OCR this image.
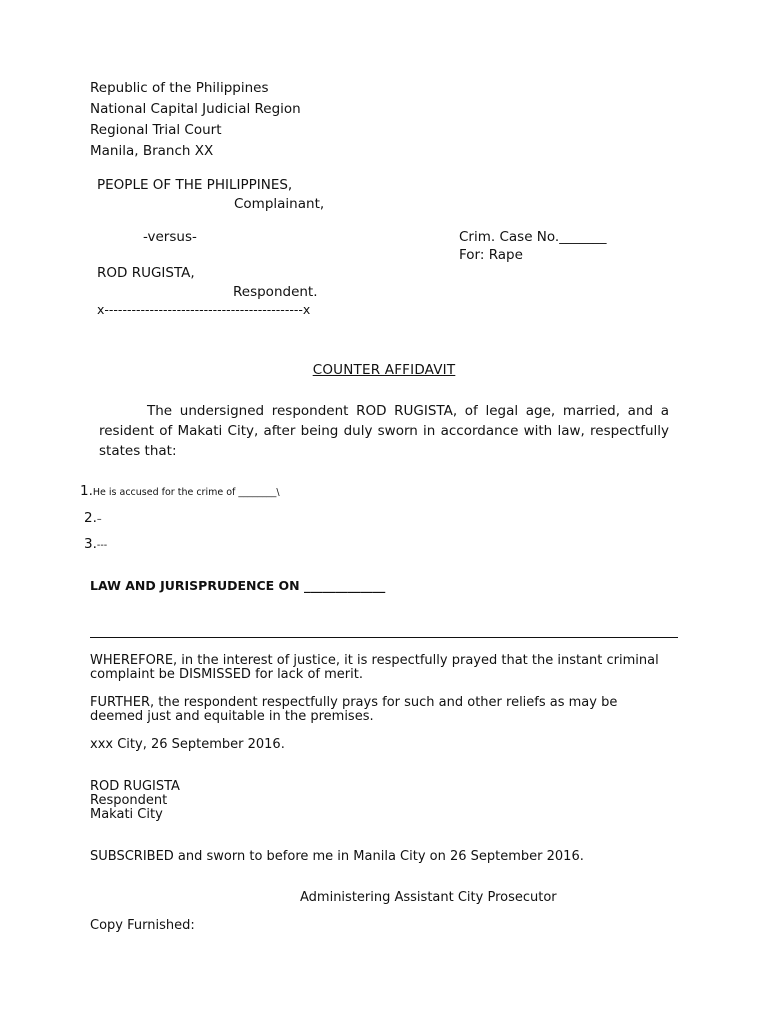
Republic of the Philippines
National Capital Judicial Region
Regional Trial Court
Manila, Branch XX
PEOPLE OF THE PHILIPPINES,
Complainant,
-versus-	Crim. Case No._______
For: Rape
ROD RUGISTA,
Respondent.
x--------------------------------------------x
COUNTER AFFIDAVIT
The undersigned respondent ROD RUGISTA, of legal age, married, and a resident of Makati City, after being duly sworn in accordance with law, respectfully states that:
1.He is accused for the crime of ________\
2.–
3.---
LAW AND JURISPRUDENCE ON _____________
WHEREFORE, in the interest of justice, it is respectfully prayed that the instant criminal complaint be DISMISSED for lack of merit.
FURTHER, the respondent respectfully prays for such and other reliefs as may be deemed just and equitable in the premises.
xxx City, 26 September 2016.
ROD RUGISTA
Respondent
Makati City
SUBSCRIBED and sworn to before me in Manila City on 26 September 2016.
Administering Assistant City Prosecutor
Copy Furnished:
